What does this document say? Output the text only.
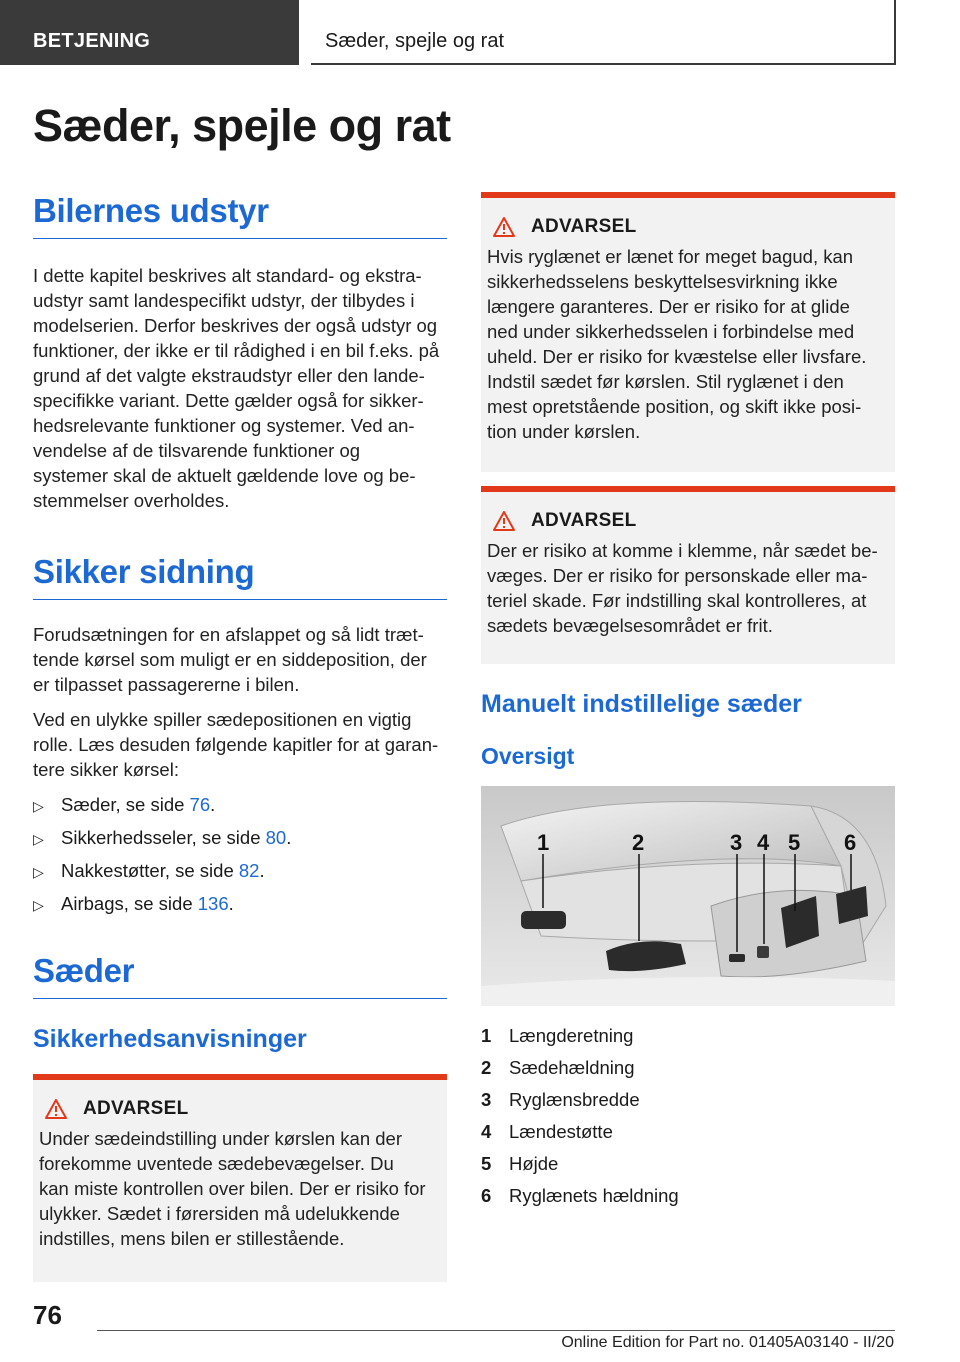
BETJENING	Sæder, spejle og rat
Sæder, spejle og rat
Bilernes udstyr

I dette kapitel beskrives alt standard- og ekstra-
udstyr samt landespecifikt udstyr, der tilbydes i
modelserien. Derfor beskrives der også udstyr og
funktioner, der ikke er til rådighed i en bil f.eks. på
grund af det valgte ekstraudstyr eller den lande-
specifikke variant. Dette gælder også for sikker-
hedsrelevante funktioner og systemer. Ved an-
vendelse af de tilsvarende funktioner og
systemer skal de aktuelt gældende love og be-
stemmelser overholdes.

Sikker sidning

Forudsætningen for en afslappet og så lidt træt-
tende kørsel som muligt er en siddeposition, der
er tilpasset passagererne i bilen.

Ved en ulykke spiller sædepositionen en vigtig
rolle. Læs desuden følgende kapitler for at garan-
tere sikker kørsel:

▷ Sæder, se side 76.
▷ Sikkerhedsseler, se side 80.
▷ Nakkestøtter, se side 82.
▷ Airbags, se side 136.
Sæder
Sikkerhedsanvisninger
ADVARSEL

Under sædeindstilling under kørslen kan der
forekomme uventede sædebevægelser. Du
kan miste kontrollen over bilen. Der er risiko for
ulykker. Sædet i førersiden må udelukkende
indstilles, mens bilen er stillestående.

ADVARSEL

Hvis ryglænet er lænet for meget bagud, kan
sikkerhedsselens beskyttelsesvirkning ikke
længere garanteres. Der er risiko for at glide
ned under sikkerhedsselen i forbindelse med
uheld. Der er risiko for kvæstelse eller livsfare.
Indstil sædet før kørslen. Stil ryglænet i den
mest opretstående position, og skift ikke posi-
tion under kørslen.

ADVARSEL

Der er risiko at komme i klemme, når sædet be-
væges. Der er risiko for personskade eller ma-
teriel skade. Før indstilling skal kontrolleres, at
sædets bevægelsesområdet er frit.

Manuelt indstillelige sæder
Oversigt
1	2	3 4 5 6
1 Længderetning
2 Sædehældning
3 Ryglænsbredde
4 Lændestøtte
5 Højde
6 Ryglænets hældning
76
Online Edition for Part no. 01405A03140 - II/20
